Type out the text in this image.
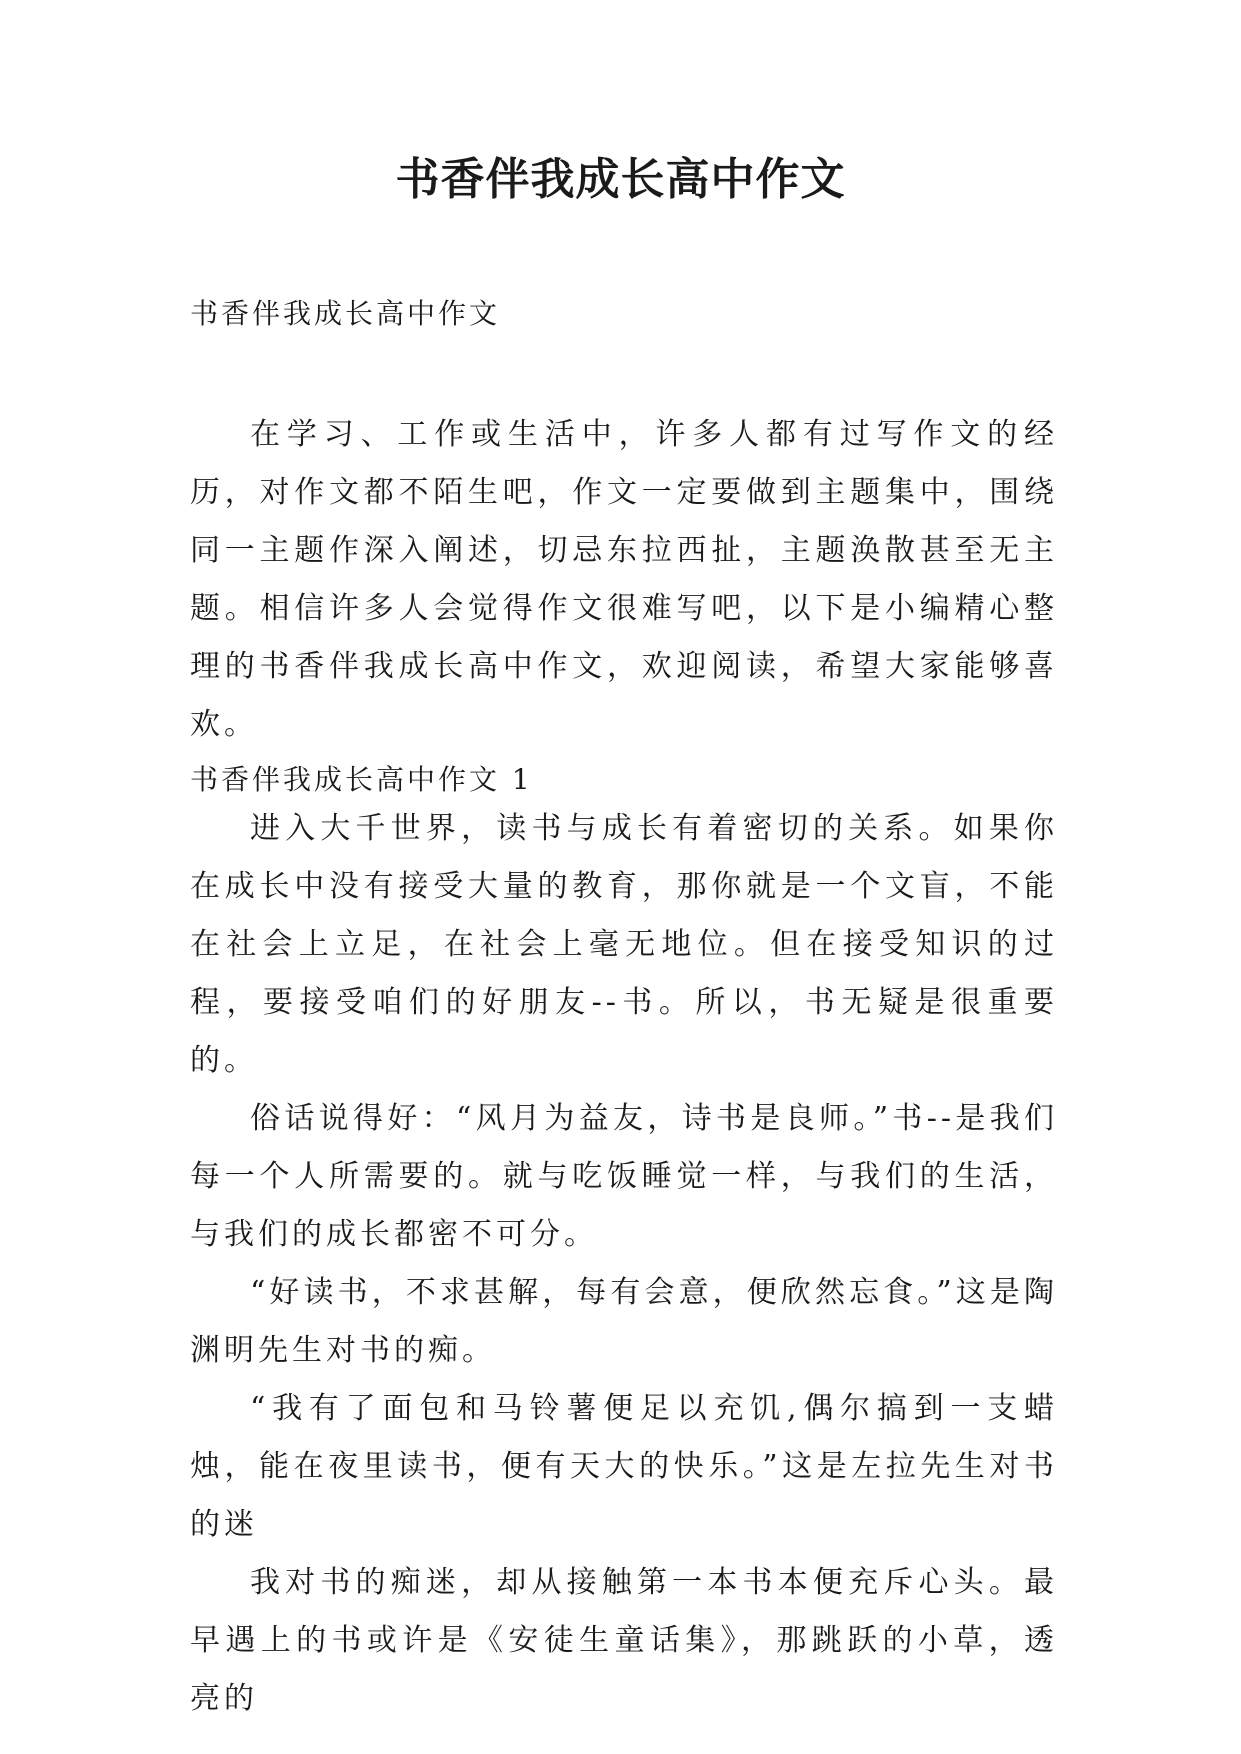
书香伴我成长高中作文
书香伴我成长高中作文

在学习、工作或生活中，许多人都有过写作文的经历，对作文都不陌生吧，作文一定要做到主题集中，围绕同一主题作深入阐述，切忌东拉西扯，主题涣散甚至无主题。相信许多人会觉得作文很难写吧，以下是小编精心整理的书香伴我成长高中作文，欢迎阅读，希望大家能够喜欢。

书香伴我成长高中作文 1

进入大千世界，读书与成长有着密切的关系。如果你在成长中没有接受大量的教育，那你就是一个文盲，不能在社会上立足，在社会上毫无地位。但在接受知识的过程，要接受咱们的好朋友--书。所以，书无疑是很重要的。

俗话说得好：“风月为益友，诗书是良师。”书--是我们每一个人所需要的。就与吃饭睡觉一样，与我们的生活，与我们的成长都密不可分。

“好读书，不求甚解，每有会意，便欣然忘食。”这是陶渊明先生对书的痴。

“我有了面包和马铃薯便足以充饥,偶尔搞到一支蜡烛，能在夜里读书，便有天大的快乐。”这是左拉先生对书的迷

我对书的痴迷，却从接触第一本书本便充斥心头。最早遇上的书或许是《安徒生童话集》，那跳跃的小草，透亮的
